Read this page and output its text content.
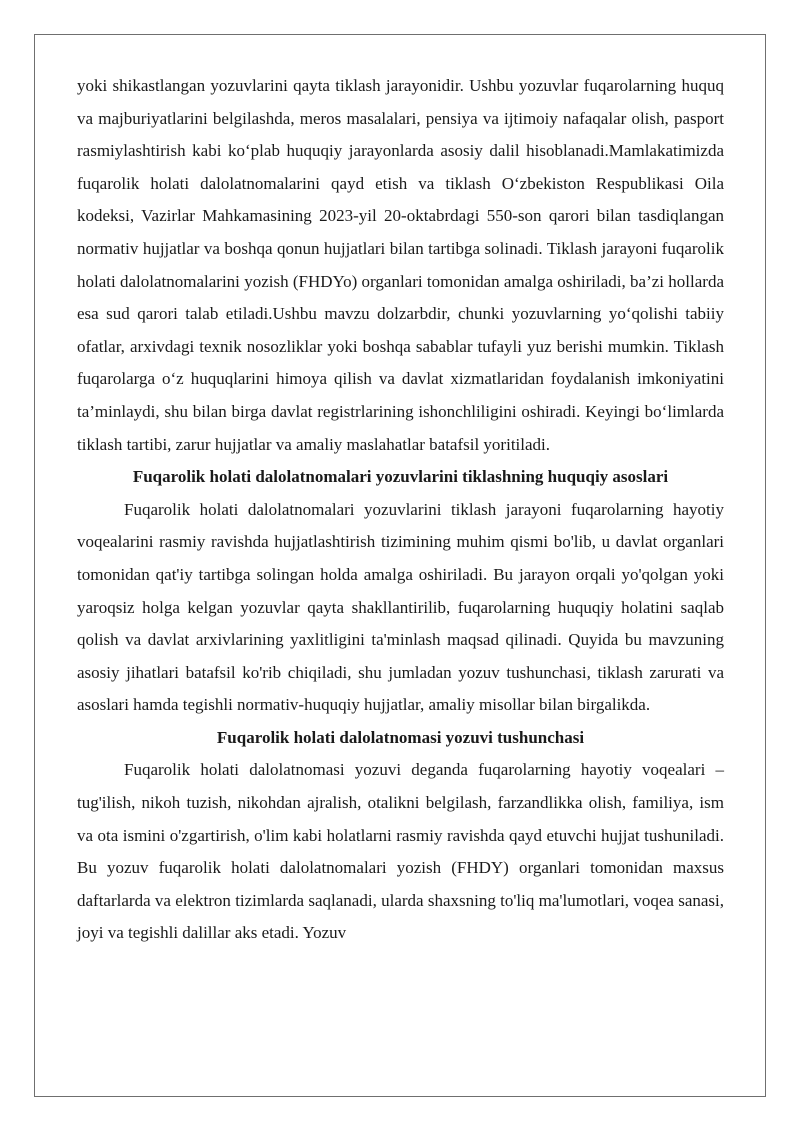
yoki shikastlangan yozuvlarini qayta tiklash jarayonidir. Ushbu yozuvlar fuqarolarning huquq va majburiyatlarini belgilashda, meros masalalari, pensiya va ijtimoiy nafaqalar olish, pasport rasmiylashtirish kabi koʻplab huquqiy jarayonlarda asosiy dalil hisoblanadi.Mamlakatimizda fuqarolik holati dalolatnomalarini qayd etish va tiklash Oʻzbekiston Respublikasi Oila kodeksi, Vazirlar Mahkamasining 2023-yil 20-oktabrdagi 550-son qarori bilan tasdiqlangan normativ hujjatlar va boshqa qonun hujjatlari bilan tartibga solinadi. Tiklash jarayoni fuqarolik holati dalolatnomalarini yozish (FHDYo) organlari tomonidan amalga oshiriladi, ba’zi hollarda esa sud qarori talab etiladi.Ushbu mavzu dolzarbdir, chunki yozuvlarning yoʻqolishi tabiiy ofatlar, arxivdagi texnik nosozliklar yoki boshqa sabablar tufayli yuz berishi mumkin. Tiklash fuqarolarga oʻz huquqlarini himoya qilish va davlat xizmatlaridan foydalanish imkoniyatini ta’minlaydi, shu bilan birga davlat registrlarining ishonchliligini oshiradi. Keyingi boʻlimlarda tiklash tartibi, zarur hujjatlar va amaliy maslahatlar batafsil yoritiladi.

Fuqarolik holati dalolatnomalari yozuvlarini tiklashning huquqiy asoslari

Fuqarolik holati dalolatnomalari yozuvlarini tiklash jarayoni fuqarolarning hayotiy voqealarini rasmiy ravishda hujjatlashtirish tizimining muhim qismi bo'lib, u davlat organlari tomonidan qat'iy tartibga solingan holda amalga oshiriladi. Bu jarayon orqali yo'qolgan yoki yaroqsiz holga kelgan yozuvlar qayta shakllantirilib, fuqarolarning huquqiy holatini saqlab qolish va davlat arxivlarining yaxlitligini ta'minlash maqsad qilinadi. Quyida bu mavzuning asosiy jihatlari batafsil ko'rib chiqiladi, shu jumladan yozuv tushunchasi, tiklash zarurati va asoslari hamda tegishli normativ-huquqiy hujjatlar, amaliy misollar bilan birgalikda.

Fuqarolik holati dalolatnomasi yozuvi tushunchasi

Fuqarolik holati dalolatnomasi yozuvi deganda fuqarolarning hayotiy voqealari – tug'ilish, nikoh tuzish, nikohdan ajralish, otalikni belgilash, farzandlikka olish, familiya, ism va ota ismini o'zgartirish, o'lim kabi holatlarni rasmiy ravishda qayd etuvchi hujjat tushuniladi. Bu yozuv fuqarolik holati dalolatnomalari yozish (FHDY) organlari tomonidan maxsus daftarlarda va elektron tizimlarda saqlanadi, ularda shaxsning to'liq ma'lumotlari, voqea sanasi, joyi va tegishli dalillar aks etadi. Yozuv
